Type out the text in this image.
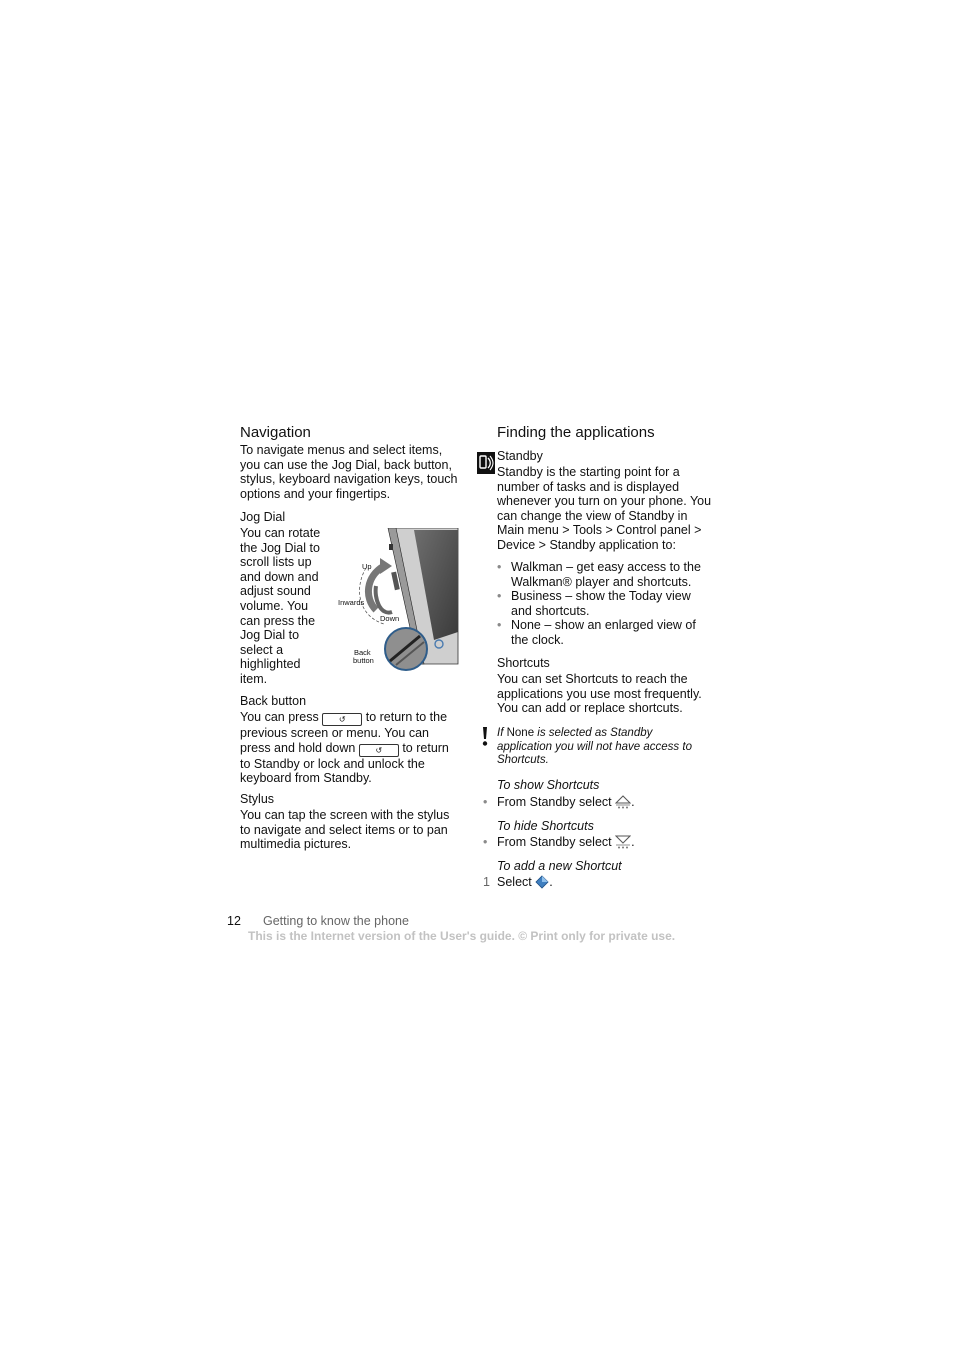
Navigation
To navigate menus and select items, you can use the Jog Dial, back button, stylus, keyboard navigation keys, touch options and your fingertips.
Jog Dial
You can rotate
the Jog Dial to
scroll lists up
and down and
adjust sound
volume. You
can press the
Jog Dial to
select a
highlighted
item.
Up
Inwards
Down
Back
button
Back button
You can press	↺ to return to the
previous screen or menu. You can
press and hold down	↺ to return
to Standby or lock and unlock the
keyboard from Standby.
Stylus
You can tap the screen with the stylus
to navigate and select items or to pan
multimedia pictures.
Finding the applications
Standby
Standby is the starting point for a
number of tasks and is displayed
whenever you turn on your phone. You
can change the view of Standby in
Main menu > Tools > Control panel >
Device > Standby application to:
• Walkman – get easy access to the
Walkman® player and shortcuts.
• Business – show the Today view
and shortcuts.
• None – show an enlarged view of
the clock.
Shortcuts
You can set Shortcuts to reach the
applications you use most frequently.
You can add or replace shortcuts.
If None is selected as Standby
application you will not have access to
Shortcuts.
To show Shortcuts
• From Standby select .
To hide Shortcuts
• From Standby select .
To add a new Shortcut
1 Select .
12 Getting to know the phone
This is the Internet version of the User's guide. © Print only for private use.
